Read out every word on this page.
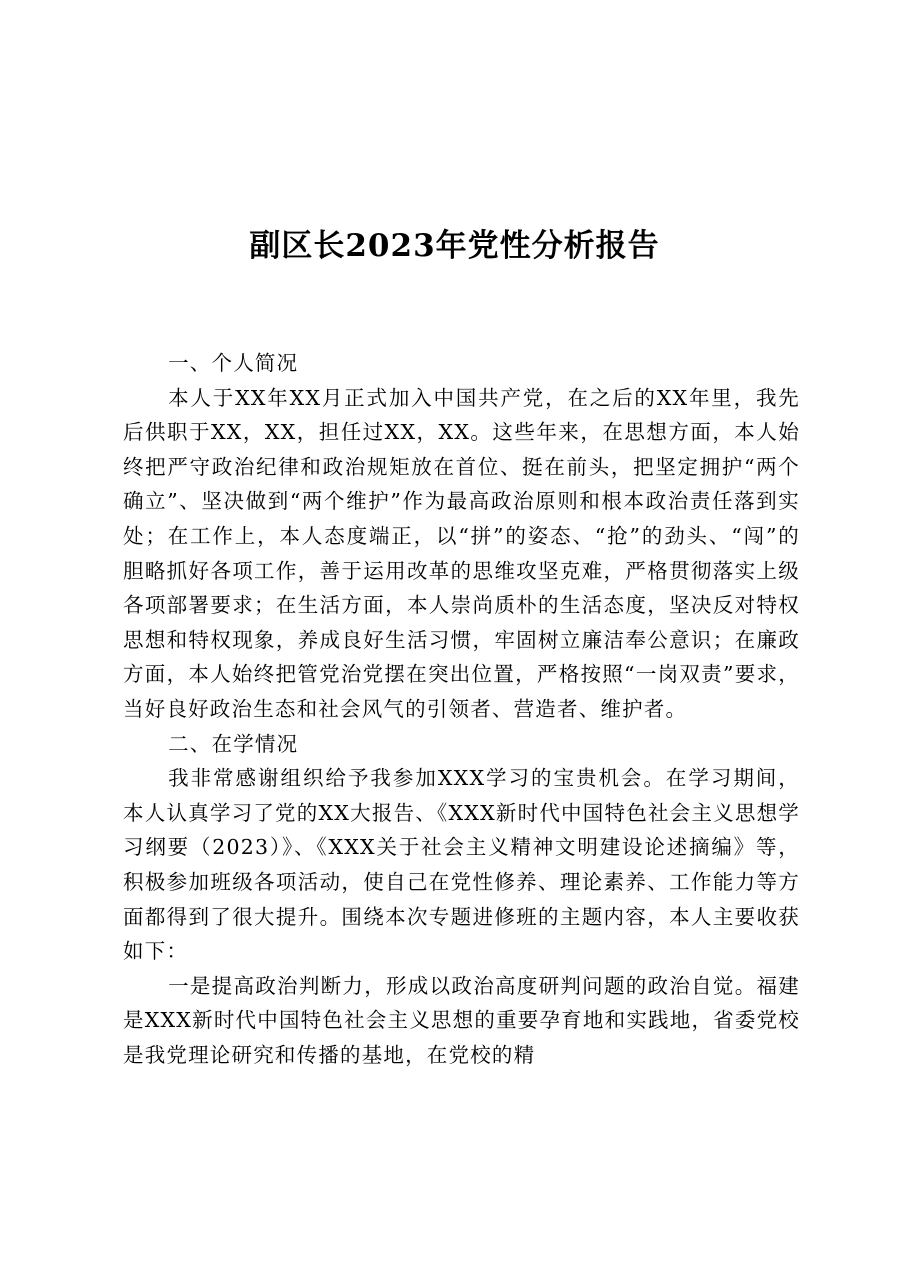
副区长2023年党性分析报告

一、个人简况

本人于XX年XX月正式加入中国共产党，在之后的XX年里，我先后供职于XX，XX，担任过XX，XX。这些年来，在思想方面，本人始终把严守政治纪律和政治规矩放在首位、挺在前头，把坚定拥护“两个确立”、坚决做到“两个维护”作为最高政治原则和根本政治责任落到实处；在工作上，本人态度端正，以“拼”的姿态、“抢”的劲头、“闯”的胆略抓好各项工作，善于运用改革的思维攻坚克难，严格贯彻落实上级各项部署要求；在生活方面，本人崇尚质朴的生活态度，坚决反对特权思想和特权现象，养成良好生活习惯，牢固树立廉洁奉公意识；在廉政方面，本人始终把管党治党摆在突出位置，严格按照“一岗双责”要求，当好良好政治生态和社会风气的引领者、营造者、维护者。

二、在学情况

我非常感谢组织给予我参加XXX学习的宝贵机会。在学习期间，本人认真学习了党的XX大报告、《XXX新时代中国特色社会主义思想学习纲要（2023）》、《XXX关于社会主义精神文明建设论述摘编》等，积极参加班级各项活动，使自己在党性修养、理论素养、工作能力等方面都得到了很大提升。围绕本次专题进修班的主题内容，本人主要收获如下：

一是提高政治判断力，形成以政治高度研判问题的政治自觉。福建是XXX新时代中国特色社会主义思想的重要孕育地和实践地，省委党校是我党理论研究和传播的基地，在党校的精
